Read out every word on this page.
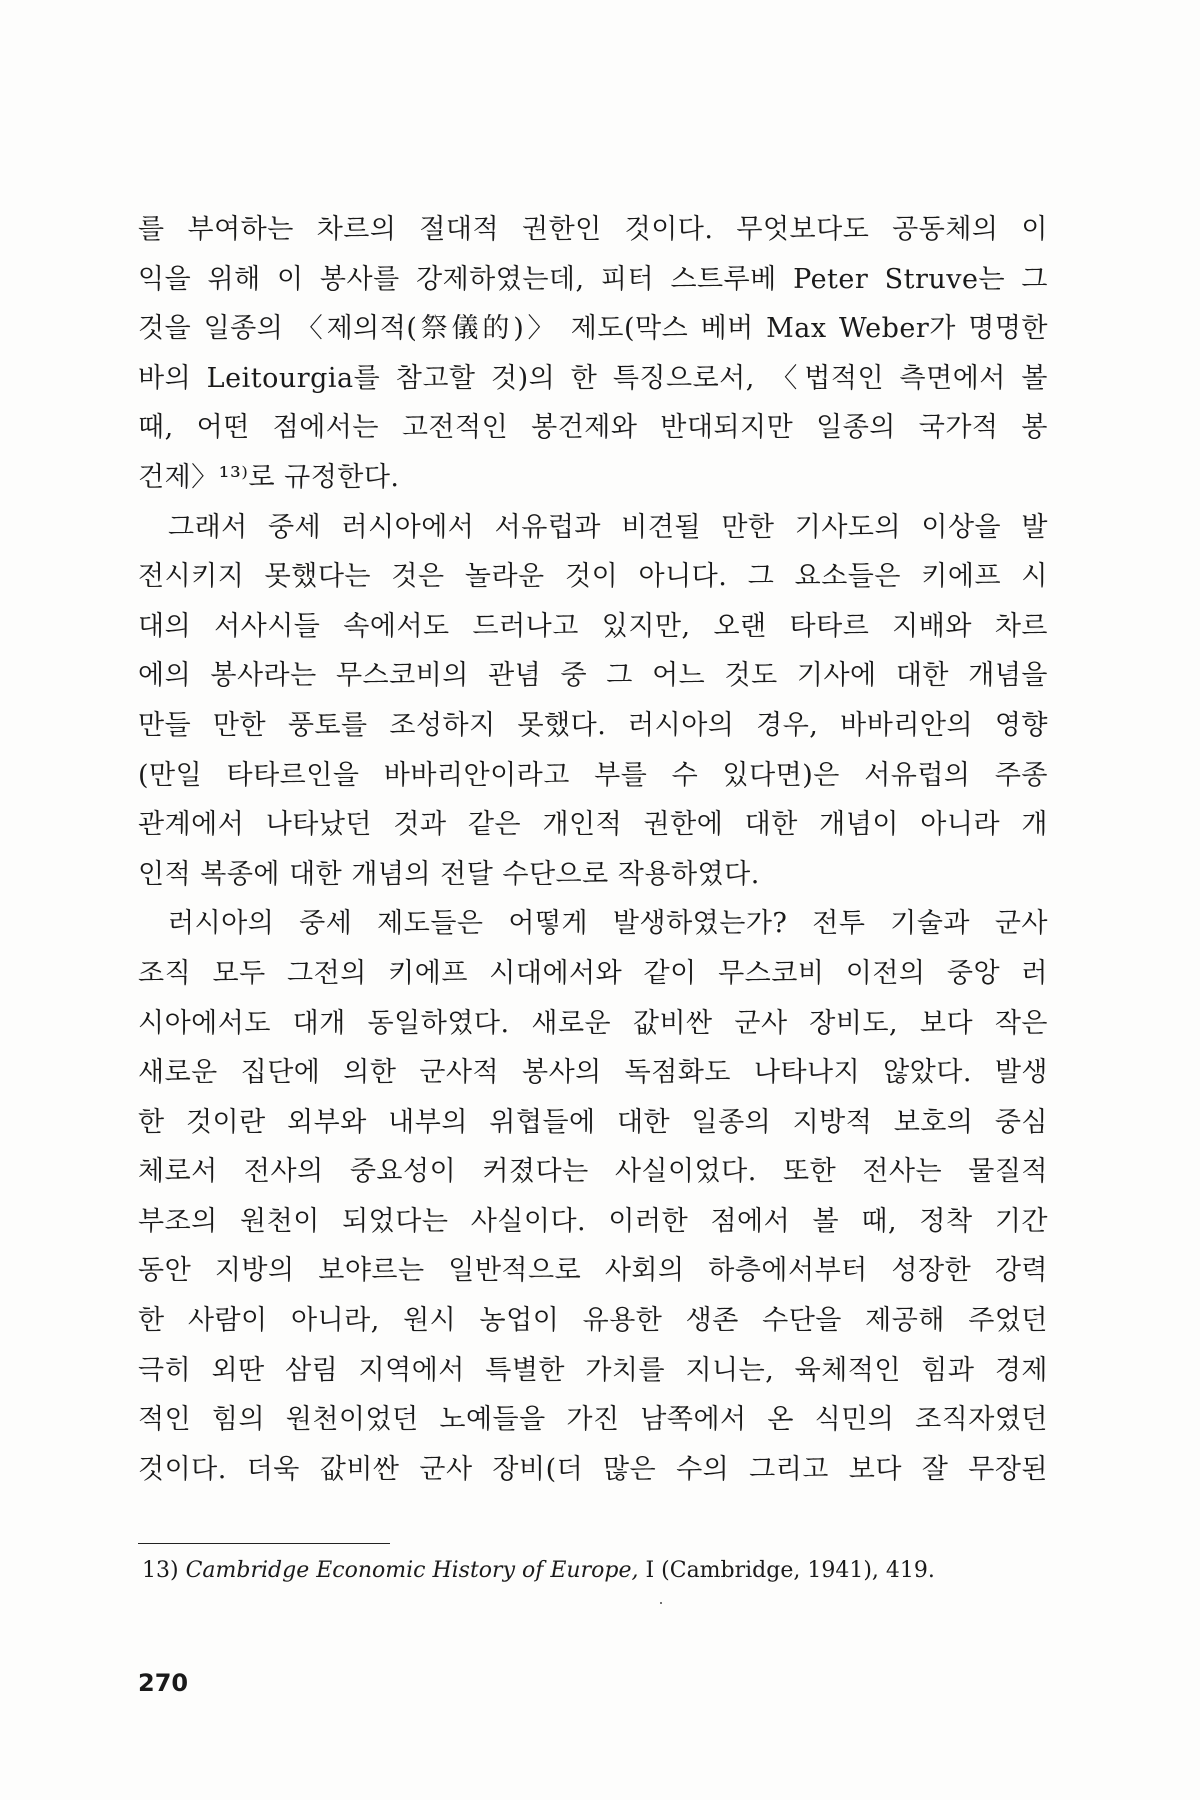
를 부여하는 차르의 절대적 권한인 것이다. 무엇보다도 공동체의 이
익을 위해 이 봉사를 강제하였는데, 피터 스트루베 Peter Struve는 그
것을 일종의 〈제의적(祭儀的)〉 제도(막스 베버 Max Weber가 명명한
바의 Leitourgia를 참고할 것)의 한 특징으로서, 〈법적인 측면에서 볼
때, 어떤 점에서는 고전적인 봉건제와 반대되지만 일종의 국가적 봉
건제〉¹³⁾로 규정한다.
그래서 중세 러시아에서 서유럽과 비견될 만한 기사도의 이상을 발
전시키지 못했다는 것은 놀라운 것이 아니다. 그 요소들은 키에프 시
대의 서사시들 속에서도 드러나고 있지만, 오랜 타타르 지배와 차르
에의 봉사라는 무스코비의 관념 중 그 어느 것도 기사에 대한 개념을
만들 만한 풍토를 조성하지 못했다. 러시아의 경우, 바바리안의 영향
(만일 타타르인을 바바리안이라고 부를 수 있다면)은 서유럽의 주종
관계에서 나타났던 것과 같은 개인적 권한에 대한 개념이 아니라 개
인적 복종에 대한 개념의 전달 수단으로 작용하였다.
러시아의 중세 제도들은 어떻게 발생하였는가? 전투 기술과 군사
조직 모두 그전의 키에프 시대에서와 같이 무스코비 이전의 중앙 러
시아에서도 대개 동일하였다. 새로운 값비싼 군사 장비도, 보다 작은
새로운 집단에 의한 군사적 봉사의 독점화도 나타나지 않았다. 발생
한 것이란 외부와 내부의 위협들에 대한 일종의 지방적 보호의 중심
체로서 전사의 중요성이 커졌다는 사실이었다. 또한 전사는 물질적
부조의 원천이 되었다는 사실이다. 이러한 점에서 볼 때, 정착 기간
동안 지방의 보야르는 일반적으로 사회의 하층에서부터 성장한 강력
한 사람이 아니라, 원시 농업이 유용한 생존 수단을 제공해 주었던
극히 외딴 삼림 지역에서 특별한 가치를 지니는, 육체적인 힘과 경제
적인 힘의 원천이었던 노예들을 가진 남쪽에서 온 식민의 조직자였던
것이다. 더욱 값비싼 군사 장비(더 많은 수의 그리고 보다 잘 무장된
13) Cambridge Economic History of Europe, I (Cambridge, 1941), 419.
270
